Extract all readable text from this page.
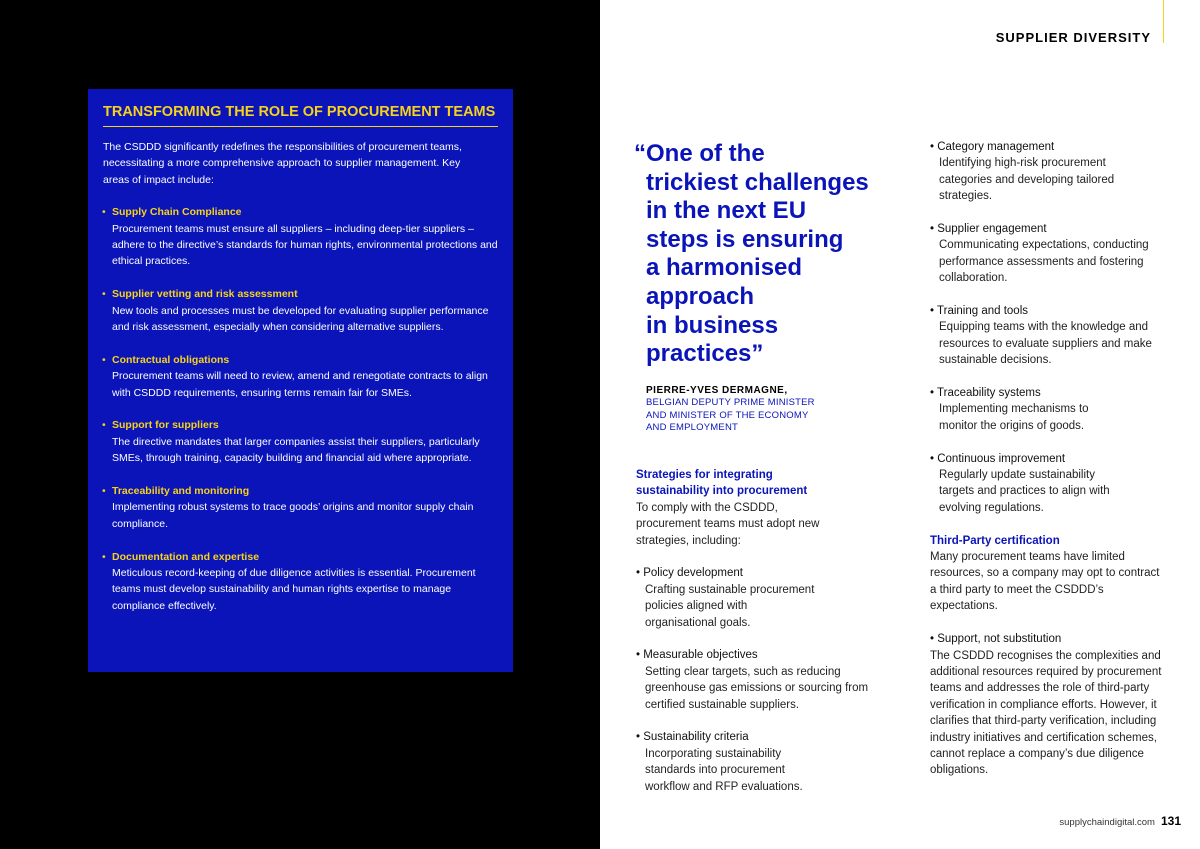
TRANSFORMING THE ROLE OF PROCUREMENT TEAMS
The CSDDD significantly redefines the responsibilities of procurement teams, necessitating a more comprehensive approach to supplier management. Key areas of impact include:
• Supply Chain Compliance
Procurement teams must ensure all suppliers – including deep-tier suppliers – adhere to the directive’s standards for human rights, environmental protections and ethical practices.
• Supplier vetting and risk assessment
New tools and processes must be developed for evaluating supplier performance and risk assessment, especially when considering alternative suppliers.
• Contractual obligations
Procurement teams will need to review, amend and renegotiate contracts to align with CSDDD requirements, ensuring terms remain fair for SMEs.
• Support for suppliers
The directive mandates that larger companies assist their suppliers, particularly SMEs, through training, capacity building and financial aid where appropriate.
• Traceability and monitoring
Implementing robust systems to trace goods’ origins and monitor supply chain compliance.
• Documentation and expertise
Meticulous record-keeping of due diligence activities is essential. Procurement teams must develop sustainability and human rights expertise to manage compliance effectively.
SUPPLIER DIVERSITY
“One of the
trickiest challenges
in the next EU
steps is ensuring
a harmonised
approach
in business
practices”
PIERRE-YVES DERMAGNE,
BELGIAN DEPUTY PRIME MINISTER
AND MINISTER OF THE ECONOMY
AND EMPLOYMENT
Strategies for integrating sustainability into procurement

To comply with the CSDDD, procurement teams must adopt new strategies, including:

• Policy development
Crafting sustainable procurement policies aligned with organisational goals.
• Measurable objectives
Setting clear targets, such as reducing greenhouse gas emissions or sourcing from certified sustainable suppliers.
• Sustainability criteria
Incorporating sustainability standards into procurement workflow and RFP evaluations.
• Category management
Identifying high-risk procurement categories and developing tailored strategies.
• Supplier engagement
Communicating expectations, conducting performance assessments and fostering collaboration.
• Training and tools
Equipping teams with the knowledge and resources to evaluate suppliers and make sustainable decisions.
• Traceability systems
Implementing mechanisms to monitor the origins of goods.
• Continuous improvement
Regularly update sustainability targets and practices to align with evolving regulations.
Third-Party certification

Many procurement teams have limited resources, so a company may opt to contract a third party to meet the CSDDD’s expectations.

• Support, not substitution

The CSDDD recognises the complexities and additional resources required by procurement teams and addresses the role of third-party verification in compliance efforts. However, it clarifies that third-party verification, including industry initiatives and certification schemes, cannot replace a company’s due diligence obligations.

supplychaindigital.com 131
